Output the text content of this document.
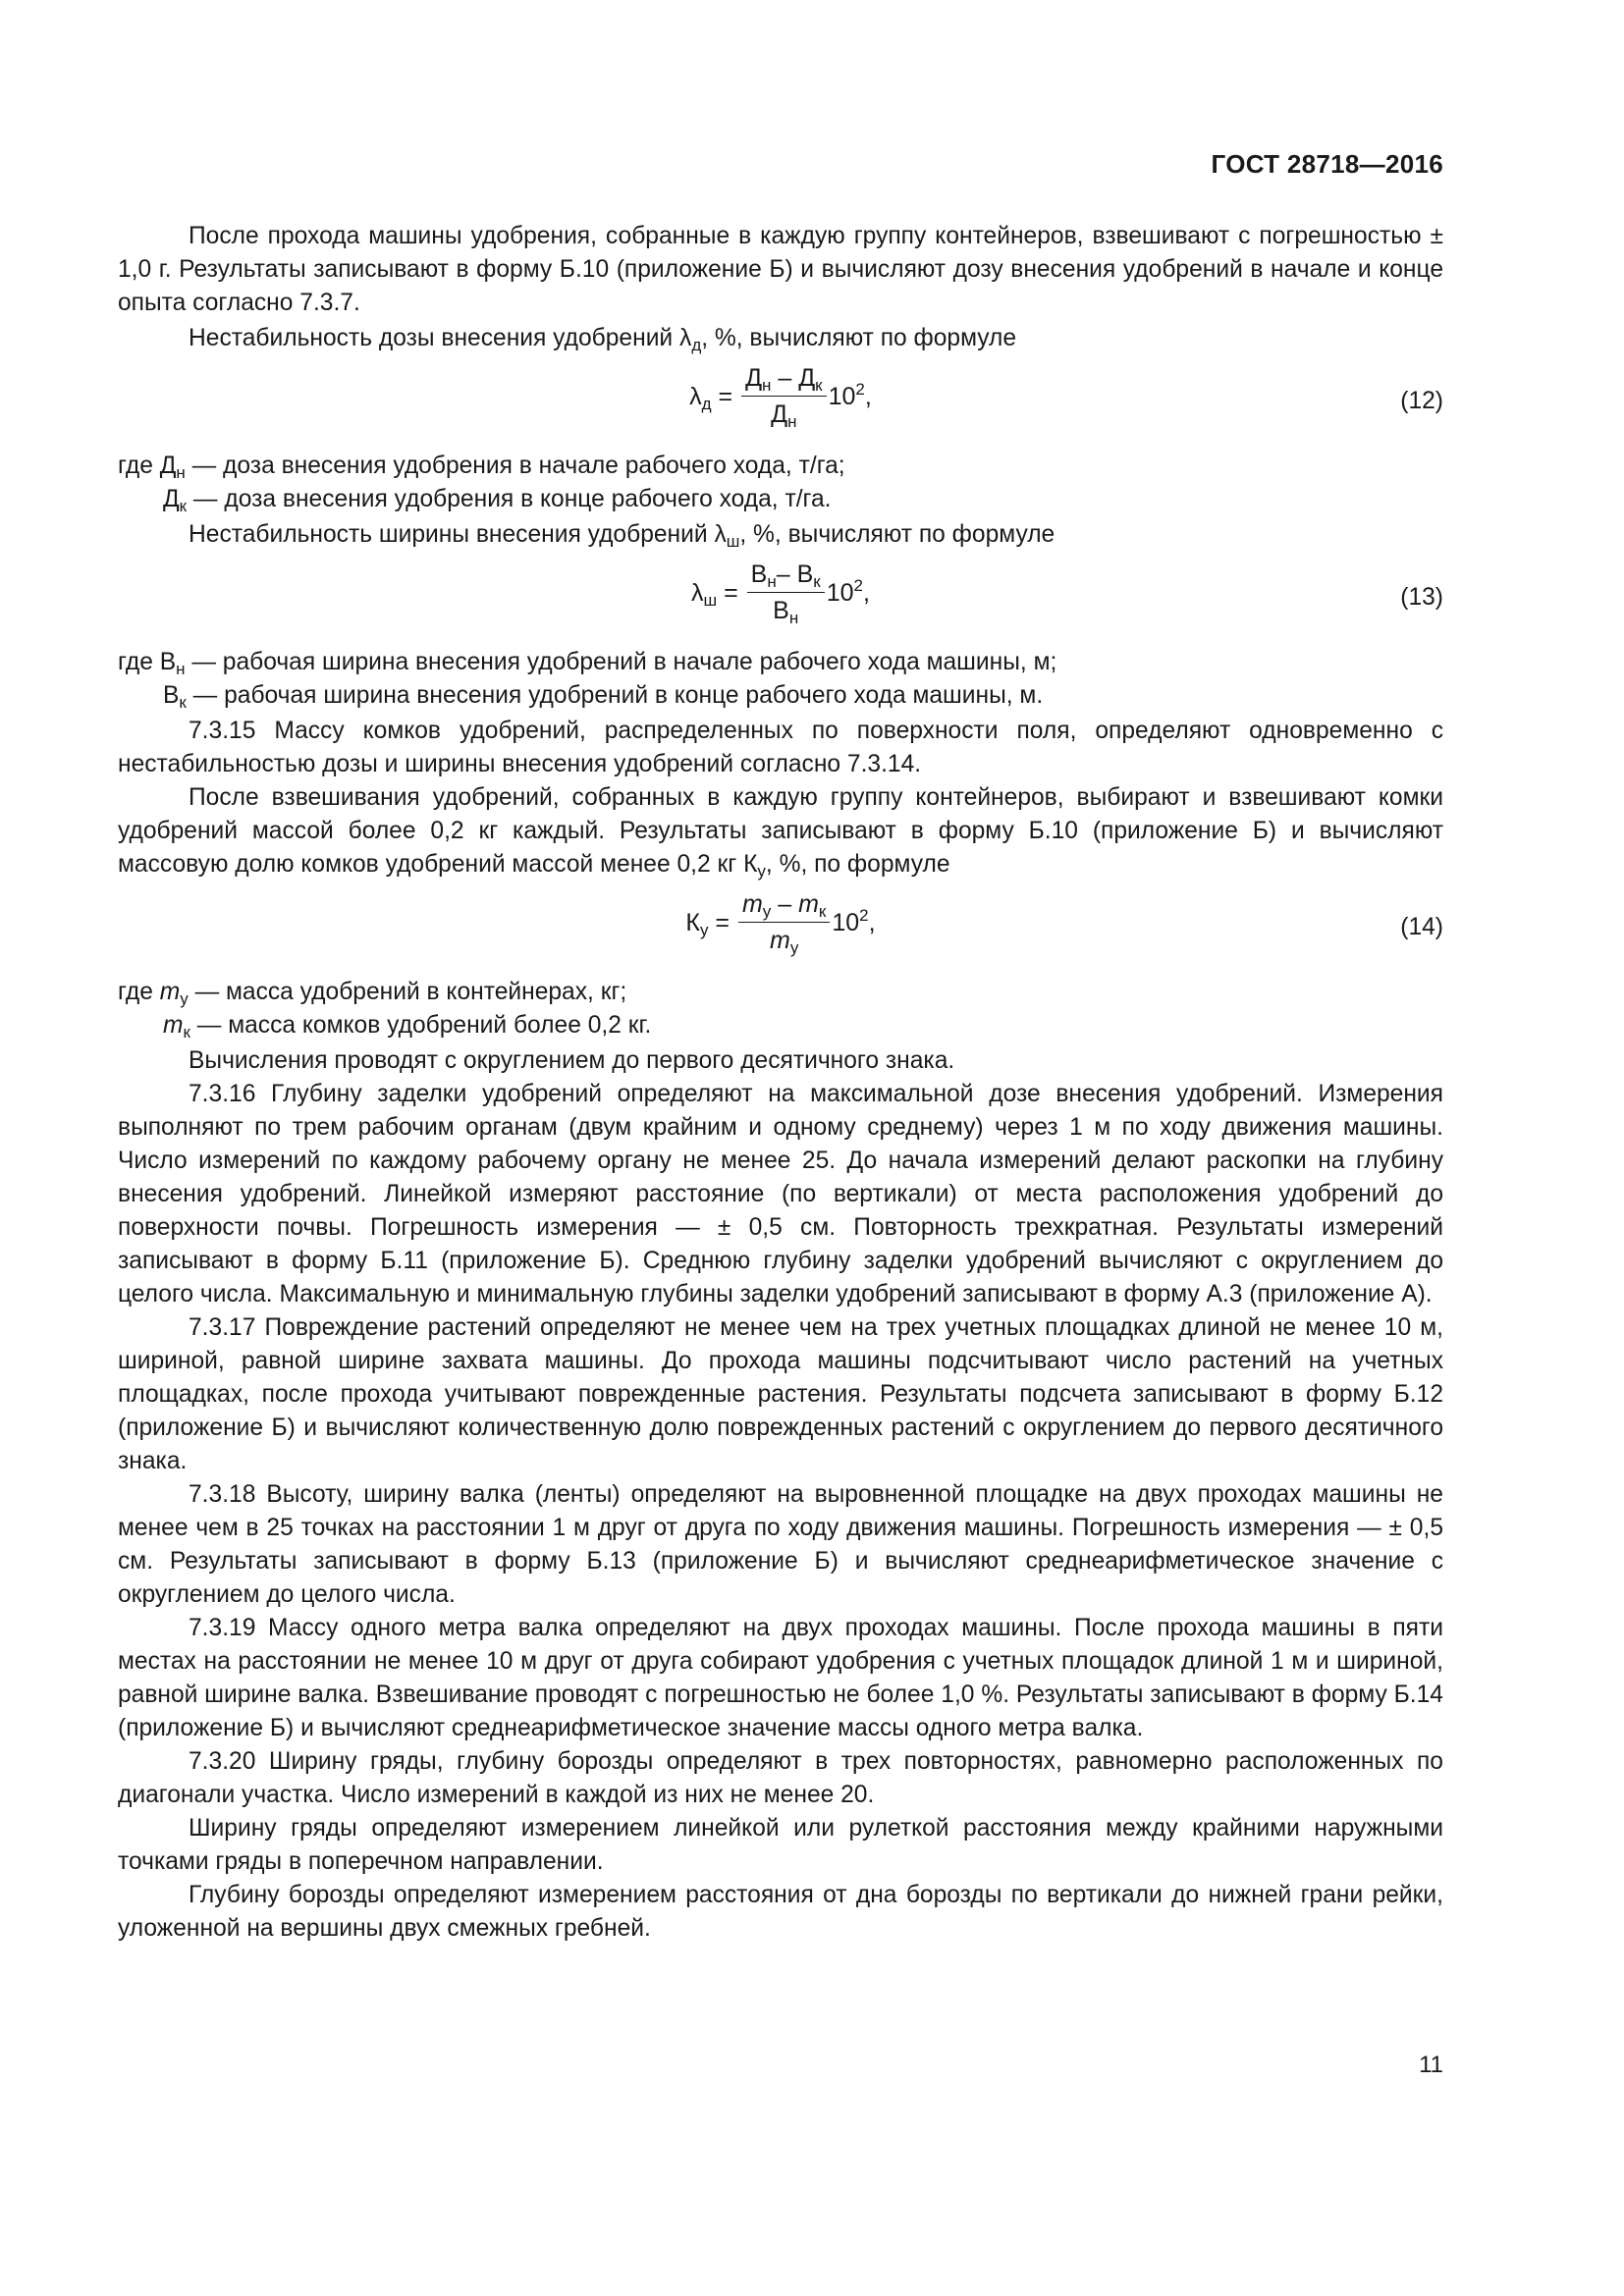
ГОСТ 28718—2016

После прохода машины удобрения, собранные в каждую группу контейнеров, взвешивают с погрешностью ± 1,0 г. Результаты записывают в форму Б.10 (приложение Б) и вычисляют дозу внесения удобрений в начале и конце опыта согласно 7.3.7.

Нестабильность дозы внесения удобрений $\lambda_д$, %, вычисляют по формуле

$\lambda_д = \frac{Д_н - Д_к}{Д_н} 10^2$,	(12)

где $Д_н$ — доза внесения удобрения в начале рабочего хода, т/га;

$Д_к$ — доза внесения удобрения в конце рабочего хода, т/га.

Нестабильность ширины внесения удобрений $\lambda_ш$, %, вычисляют по формуле

$\lambda_ш = \frac{В_н- В_к}{В_н} 10^2$,	(13)

где $В_н$ — рабочая ширина внесения удобрений в начале рабочего хода машины, м;

$В_к$ — рабочая ширина внесения удобрений в конце рабочего хода машины, м.

7.3.15 Массу комков удобрений, распределенных по поверхности поля, определяют одновременно с нестабильностью дозы и ширины внесения удобрений согласно 7.3.14.

После взвешивания удобрений, собранных в каждую группу контейнеров, выбирают и взвешивают комки удобрений массой более 0,2 кг каждый. Результаты записывают в форму Б.10 (приложение Б) и вычисляют массовую долю комков удобрений массой менее 0,2 кг $К_у$, %, по формуле

$К_у = \frac{m_у - m_к}{m_у} 10^2$,	(14)

где $m_у$ — масса удобрений в контейнерах, кг;

$m_к$ — масса комков удобрений более 0,2 кг.

Вычисления проводят с округлением до первого десятичного знака.

7.3.16 Глубину заделки удобрений определяют на максимальной дозе внесения удобрений. Измерения выполняют по трем рабочим органам (двум крайним и одному среднему) через 1 м по ходу движения машины. Число измерений по каждому рабочему органу не менее 25. До начала измерений делают раскопки на глубину внесения удобрений. Линейкой измеряют расстояние (по вертикали) от места расположения удобрений до поверхности почвы. Погрешность измерения — ± 0,5 см. Повторность трехкратная. Результаты измерений записывают в форму Б.11 (приложение Б). Среднюю глубину заделки удобрений вычисляют с округлением до целого числа. Максимальную и минимальную глубины заделки удобрений записывают в форму А.3 (приложение А).

7.3.17 Повреждение растений определяют не менее чем на трех учетных площадках длиной не менее 10 м, шириной, равной ширине захвата машины. До прохода машины подсчитывают число растений на учетных площадках, после прохода учитывают поврежденные растения. Результаты подсчета записывают в форму Б.12 (приложение Б) и вычисляют количественную долю поврежденных растений с округлением до первого десятичного знака.

7.3.18 Высоту, ширину валка (ленты) определяют на выровненной площадке на двух проходах машины не менее чем в 25 точках на расстоянии 1 м друг от друга по ходу движения машины. Погрешность измерения — ± 0,5 см. Результаты записывают в форму Б.13 (приложение Б) и вычисляют среднеарифметическое значение с округлением до целого числа.

7.3.19 Массу одного метра валка определяют на двух проходах машины. После прохода машины в пяти местах на расстоянии не менее 10 м друг от друга собирают удобрения с учетных площадок длиной 1 м и шириной, равной ширине валка. Взвешивание проводят с погрешностью не более 1,0 %. Результаты записывают в форму Б.14 (приложение Б) и вычисляют среднеарифметическое значение массы одного метра валка.

7.3.20 Ширину гряды, глубину борозды определяют в трех повторностях, равномерно расположенных по диагонали участка. Число измерений в каждой из них не менее 20.

Ширину гряды определяют измерением линейкой или рулеткой расстояния между крайними наружными точками гряды в поперечном направлении.

Глубину борозды определяют измерением расстояния от дна борозды по вертикали до нижней грани рейки, уложенной на вершины двух смежных гребней.

11
